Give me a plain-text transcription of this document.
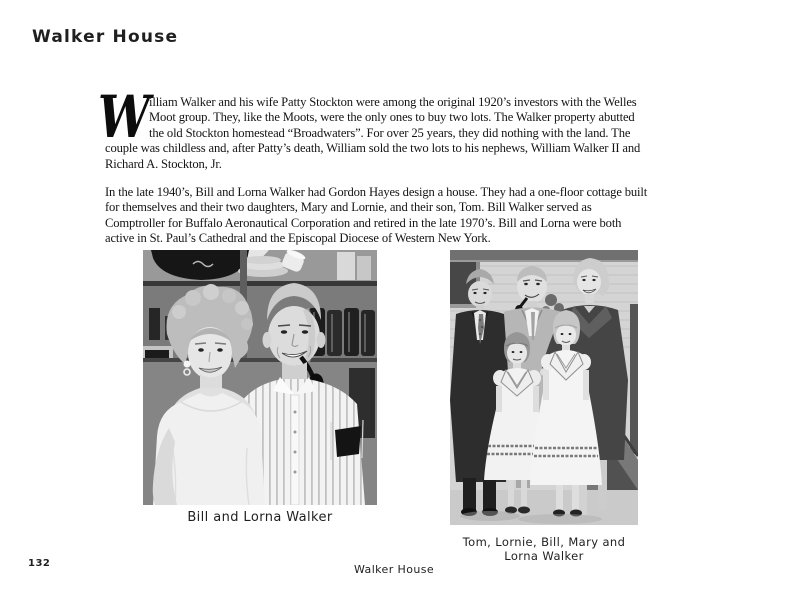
Walker House
W
illiam Walker and his wife Patty Stockton were among the original 1920’s investors with the Welles
Moot group. They, like the Moots, were the only ones to buy two lots. The Walker property abutted
the old Stockton homestead “Broadwaters”. For over 25 years, they did nothing with the land. The
couple was childless and, after Patty’s death, William sold the two lots to his nephews, William Walker II and
Richard A. Stockton, Jr.
In the late 1940’s, Bill and Lorna Walker had Gordon Hayes design a house. They had a one-floor cottage built
for themselves and their two daughters, Mary and Lornie, and their son, Tom. Bill Walker served as
Comptroller for Buffalo Aeronautical Corporation and retired in the late 1970’s. Bill and Lorna were both
active in St. Paul’s Cathedral and the Episcopal Diocese of Western New York.
Bill and Lorna Walker
Tom, Lornie, Bill, Mary and
Lorna Walker
132	Walker House
